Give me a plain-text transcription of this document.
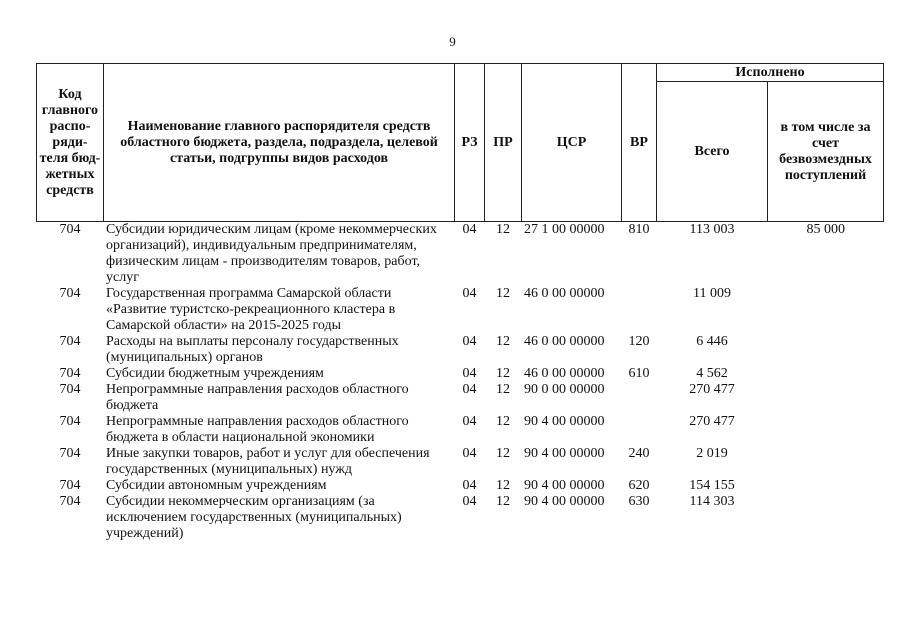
9
Код главного распо-ряди-теля бюд-жетных средств	Наименование главного распорядителя средств областного бюджета, раздела, подраздела, целевой статьи, подгруппы видов расходов	РЗ	ПР	ЦСР	ВР	Исполнено	
						Всего	в том числе за счет безвозмездных поступлений
704	Субсидии юридическим лицам (кроме некоммерческих организаций), индивидуальным предпринимателям, физическим лицам - производителям товаров, работ, услуг	04	12	27 1 00 00000	810	113 003	85 000
704	Государственная программа Самарской области «Развитие туристско-рекреационного кластера в Самарской области» на 2015-2025 годы	04	12	46 0 00 00000		11 009	
704	Расходы на выплаты персоналу государственных (муниципальных) органов	04	12	46 0 00 00000	120	6 446	
704	Субсидии бюджетным учреждениям	04	12	46 0 00 00000	610	4 562	
704	Непрограммные направления расходов областного бюджета	04	12	90 0 00 00000		270 477	
704	Непрограммные направления расходов областного бюджета в области национальной экономики	04	12	90 4 00 00000		270 477	
704	Иные закупки товаров, работ и услуг для обеспечения государственных (муниципальных) нужд	04	12	90 4 00 00000	240	2 019	
704	Субсидии автономным учреждениям	04	12	90 4 00 00000	620	154 155	
704	Субсидии некоммерческим организациям (за исключением государственных (муниципальных) учреждений)	04	12	90 4 00 00000	630	114 303	
